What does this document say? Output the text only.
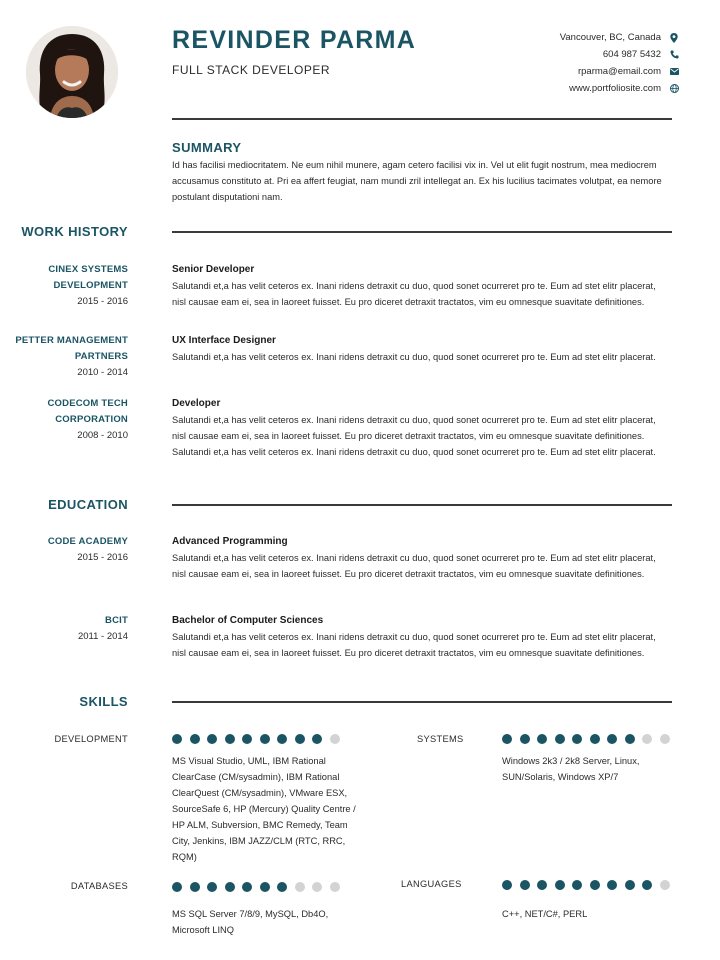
REVINDER PARMA
FULL STACK DEVELOPER
Vancouver, BC, Canada
604 987 5432
rparma@email.com
www.portfoliosite.com
SUMMARY
Id has facilisi mediocritatem. Ne eum nihil munere, agam cetero facilisi vix in. Vel ut elit fugit nostrum, mea mediocrem accusamus constituto at. Pri ea affert feugiat, nam mundi zril intellegat an. Ex his lucilius tacimates volutpat, ea nemore postulant disputationi nam.
WORK HISTORY
CINEX SYSTEMS
DEVELOPMENT
2015 - 2016
Senior Developer
Salutandi et,a has velit ceteros ex. Inani ridens detraxit cu duo, quod sonet ocurreret pro te. Eum ad stet elitr placerat, nisl causae eam ei, sea in laoreet fuisset. Eu pro diceret detraxit tractatos, vim eu omnesque suavitate definitiones.
PETTER MANAGEMENT
PARTNERS
2010 - 2014
UX Interface Designer
Salutandi et,a has velit ceteros ex. Inani ridens detraxit cu duo, quod sonet ocurreret pro te. Eum ad stet elitr placerat.
CODECOM TECH
CORPORATION
2008 - 2010
Developer
Salutandi et,a has velit ceteros ex. Inani ridens detraxit cu duo, quod sonet ocurreret pro te. Eum ad stet elitr placerat, nisl causae eam ei, sea in laoreet fuisset. Eu pro diceret detraxit tractatos, vim eu omnesque suavitate definitiones. Salutandi et,a has velit ceteros ex. Inani ridens detraxit cu duo, quod sonet ocurreret pro te. Eum ad stet elitr placerat.
EDUCATION
CODE ACADEMY
2015 - 2016
Advanced Programming
Salutandi et,a has velit ceteros ex. Inani ridens detraxit cu duo, quod sonet ocurreret pro te. Eum ad stet elitr placerat, nisl causae eam ei, sea in laoreet fuisset. Eu pro diceret detraxit tractatos, vim eu omnesque suavitate definitiones.
BCIT
2011 - 2014
Bachelor of Computer Sciences
Salutandi et,a has velit ceteros ex. Inani ridens detraxit cu duo, quod sonet ocurreret pro te. Eum ad stet elitr placerat, nisl causae eam ei, sea in laoreet fuisset. Eu pro diceret detraxit tractatos, vim eu omnesque suavitate definitiones.
SKILLS
DEVELOPMENT
MS Visual Studio, UML, IBM Rational ClearCase (CM/sysadmin), IBM Rational ClearQuest (CM/sysadmin), VMware ESX, SourceSafe 6, HP (Mercury) Quality Centre / HP ALM, Subversion, BMC Remedy, Team City, Jenkins, IBM JAZZ/CLM (RTC, RRC, RQM)
SYSTEMS
Windows 2k3 / 2k8 Server, Linux, SUN/Solaris, Windows XP/7
DATABASES
MS SQL Server 7/8/9, MySQL, Db4O, Microsoft LINQ
LANGUAGES
C++, NET/C#, PERL
